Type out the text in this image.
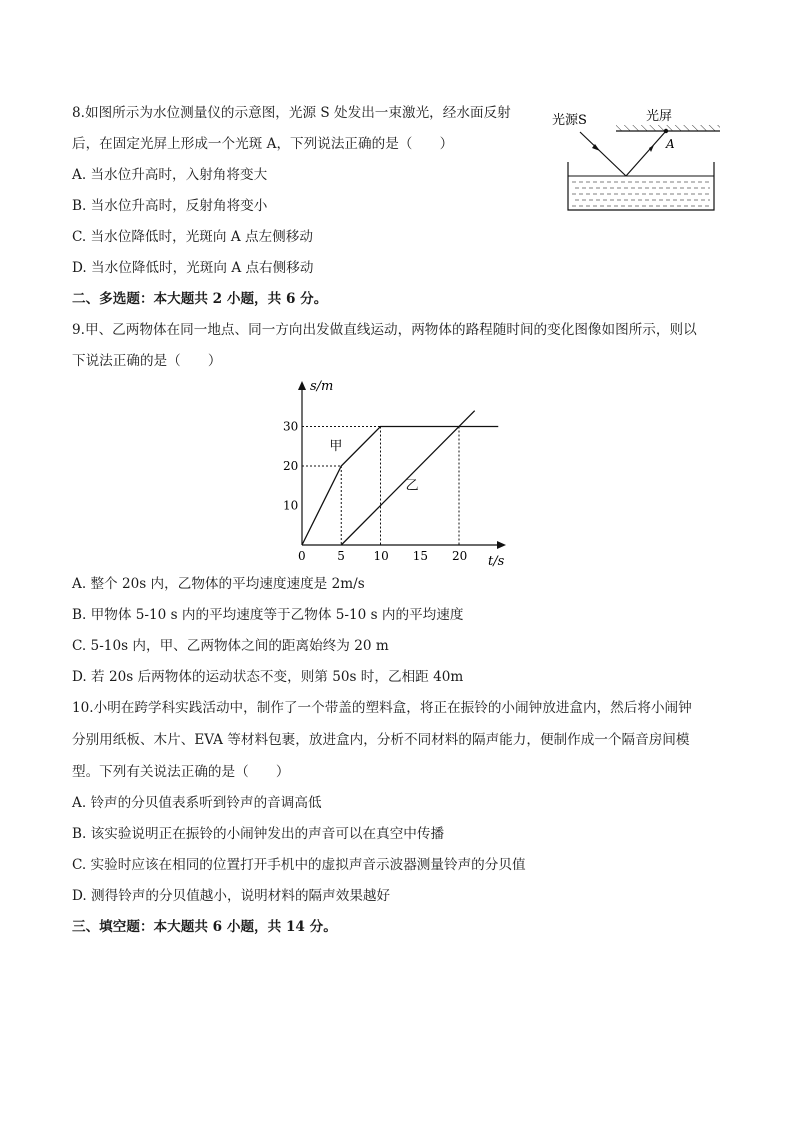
8.如图所示为水位测量仪的示意图，光源 S 处发出一束激光，经水面反射
后，在固定光屏上形成一个光斑 A，下列说法正确的是（　　）
A. 当水位升高时，入射角将变大
B. 当水位升高时，反射角将变小
C. 当水位降低时，光斑向 A 点左侧移动
D. 当水位降低时，光斑向 A 点右侧移动
光屏
光源S
A
二、多选题：本大题共 2 小题，共 6 分。
9.甲、乙两物体在同一地点、同一方向出发做直线运动，两物体的路程随时间的变化图像如图所示，则以
下说法正确的是（　　）
s/m
t/s
0	5 10 15 20
10
20
30
甲
乙
A. 整个 20s 内，乙物体的平均速度速度是 2m/s
B. 甲物体 5-10 s 内的平均速度等于乙物体 5-10 s 内的平均速度
C. 5-10s 内，甲、乙两物体之间的距离始终为 20 m
D. 若 20s 后两物体的运动状态不变，则第 50s 时，乙相距 40m
10.小明在跨学科实践活动中，制作了一个带盖的塑料盒，将正在振铃的小闹钟放进盒内，然后将小闹钟
分别用纸板、木片、EVA 等材料包裹，放进盒内，分析不同材料的隔声能力，便制作成一个隔音房间模
型。下列有关说法正确的是（　　）
A. 铃声的分贝值表系听到铃声的音调高低
B. 该实验说明正在振铃的小闹钟发出的声音可以在真空中传播
C. 实验时应该在相同的位置打开手机中的虚拟声音示波器测量铃声的分贝值
D. 测得铃声的分贝值越小，说明材料的隔声效果越好
三、填空题：本大题共 6 小题，共 14 分。
